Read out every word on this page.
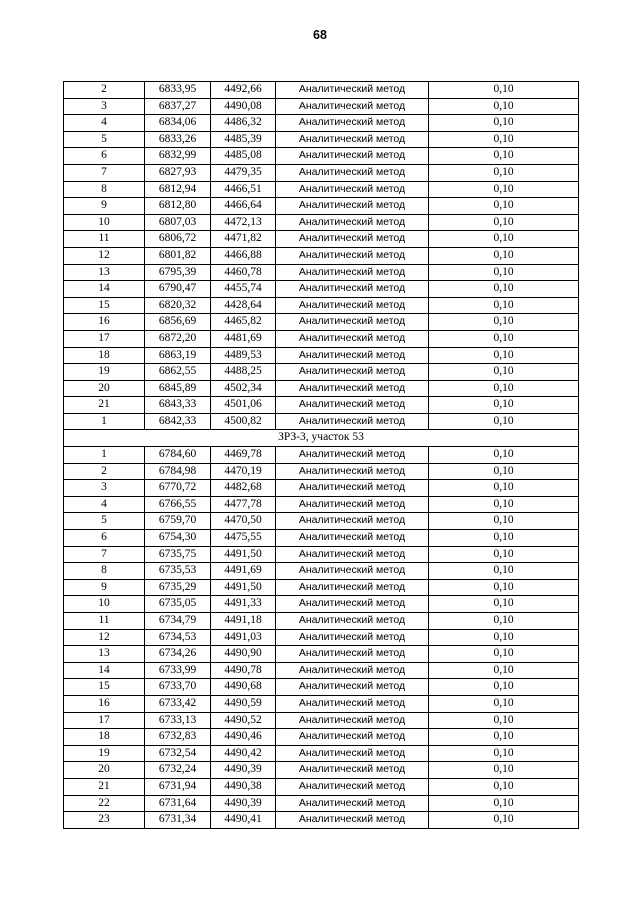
68
2	6833,95	4492,66	Аналитический метод	0,10
3	6837,27	4490,08	Аналитический метод	0,10
4	6834,06	4486,32	Аналитический метод	0,10
5	6833,26	4485,39	Аналитический метод	0,10
6	6832,99	4485,08	Аналитический метод	0,10
7	6827,93	4479,35	Аналитический метод	0,10
8	6812,94	4466,51	Аналитический метод	0,10
9	6812,80	4466,64	Аналитический метод	0,10
10	6807,03	4472,13	Аналитический метод	0,10
11	6806,72	4471,82	Аналитический метод	0,10
12	6801,82	4466,88	Аналитический метод	0,10
13	6795,39	4460,78	Аналитический метод	0,10
14	6790,47	4455,74	Аналитический метод	0,10
15	6820,32	4428,64	Аналитический метод	0,10
16	6856,69	4465,82	Аналитический метод	0,10
17	6872,20	4481,69	Аналитический метод	0,10
18	6863,19	4489,53	Аналитический метод	0,10
19	6862,55	4488,25	Аналитический метод	0,10
20	6845,89	4502,34	Аналитический метод	0,10
21	6843,33	4501,06	Аналитический метод	0,10
1	6842,33	4500,82	Аналитический метод	0,10
ЗРЗ-3, участок 53				
1	6784,60	4469,78	Аналитический метод	0,10
2	6784,98	4470,19	Аналитический метод	0,10
3	6770,72	4482,68	Аналитический метод	0,10
4	6766,55	4477,78	Аналитический метод	0,10
5	6759,70	4470,50	Аналитический метод	0,10
6	6754,30	4475,55	Аналитический метод	0,10
7	6735,75	4491,50	Аналитический метод	0,10
8	6735,53	4491,69	Аналитический метод	0,10
9	6735,29	4491,50	Аналитический метод	0,10
10	6735,05	4491,33	Аналитический метод	0,10
11	6734,79	4491,18	Аналитический метод	0,10
12	6734,53	4491,03	Аналитический метод	0,10
13	6734,26	4490,90	Аналитический метод	0,10
14	6733,99	4490,78	Аналитический метод	0,10
15	6733,70	4490,68	Аналитический метод	0,10
16	6733,42	4490,59	Аналитический метод	0,10
17	6733,13	4490,52	Аналитический метод	0,10
18	6732,83	4490,46	Аналитический метод	0,10
19	6732,54	4490,42	Аналитический метод	0,10
20	6732,24	4490,39	Аналитический метод	0,10
21	6731,94	4490,38	Аналитический метод	0,10
22	6731,64	4490,39	Аналитический метод	0,10
23	6731,34	4490,41	Аналитический метод	0,10
